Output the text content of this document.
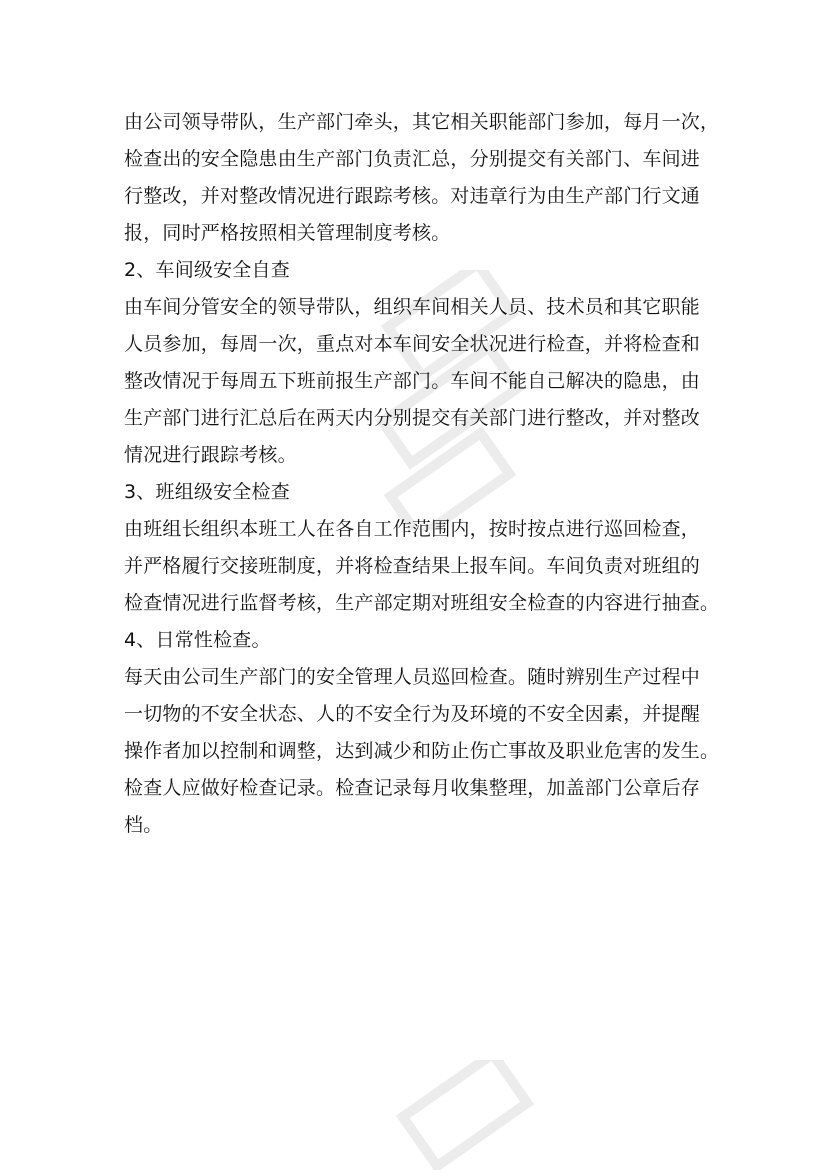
由公司领导带队，生产部门牵头，其它相关职能部门参加，每月一次，
检查出的安全隐患由生产部门负责汇总，分别提交有关部门、车间进
行整改，并对整改情况进行跟踪考核。对违章行为由生产部门行文通
报，同时严格按照相关管理制度考核。
2、车间级安全自查
由车间分管安全的领导带队，组织车间相关人员、技术员和其它职能
人员参加，每周一次，重点对本车间安全状况进行检查，并将检查和
整改情况于每周五下班前报生产部门。车间不能自己解决的隐患，由
生产部门进行汇总后在两天内分别提交有关部门进行整改，并对整改
情况进行跟踪考核。
3、班组级安全检查
由班组长组织本班工人在各自工作范围内，按时按点进行巡回检查，
并严格履行交接班制度，并将检查结果上报车间。车间负责对班组的
检查情况进行监督考核，生产部定期对班组安全检查的内容进行抽查。
4、日常性检查。
每天由公司生产部门的安全管理人员巡回检查。随时辨别生产过程中
一切物的不安全状态、人的不安全行为及环境的不安全因素，并提醒
操作者加以控制和调整，达到减少和防止伤亡事故及职业危害的发生。
检查人应做好检查记录。检查记录每月收集整理，加盖部门公章后存
档。
